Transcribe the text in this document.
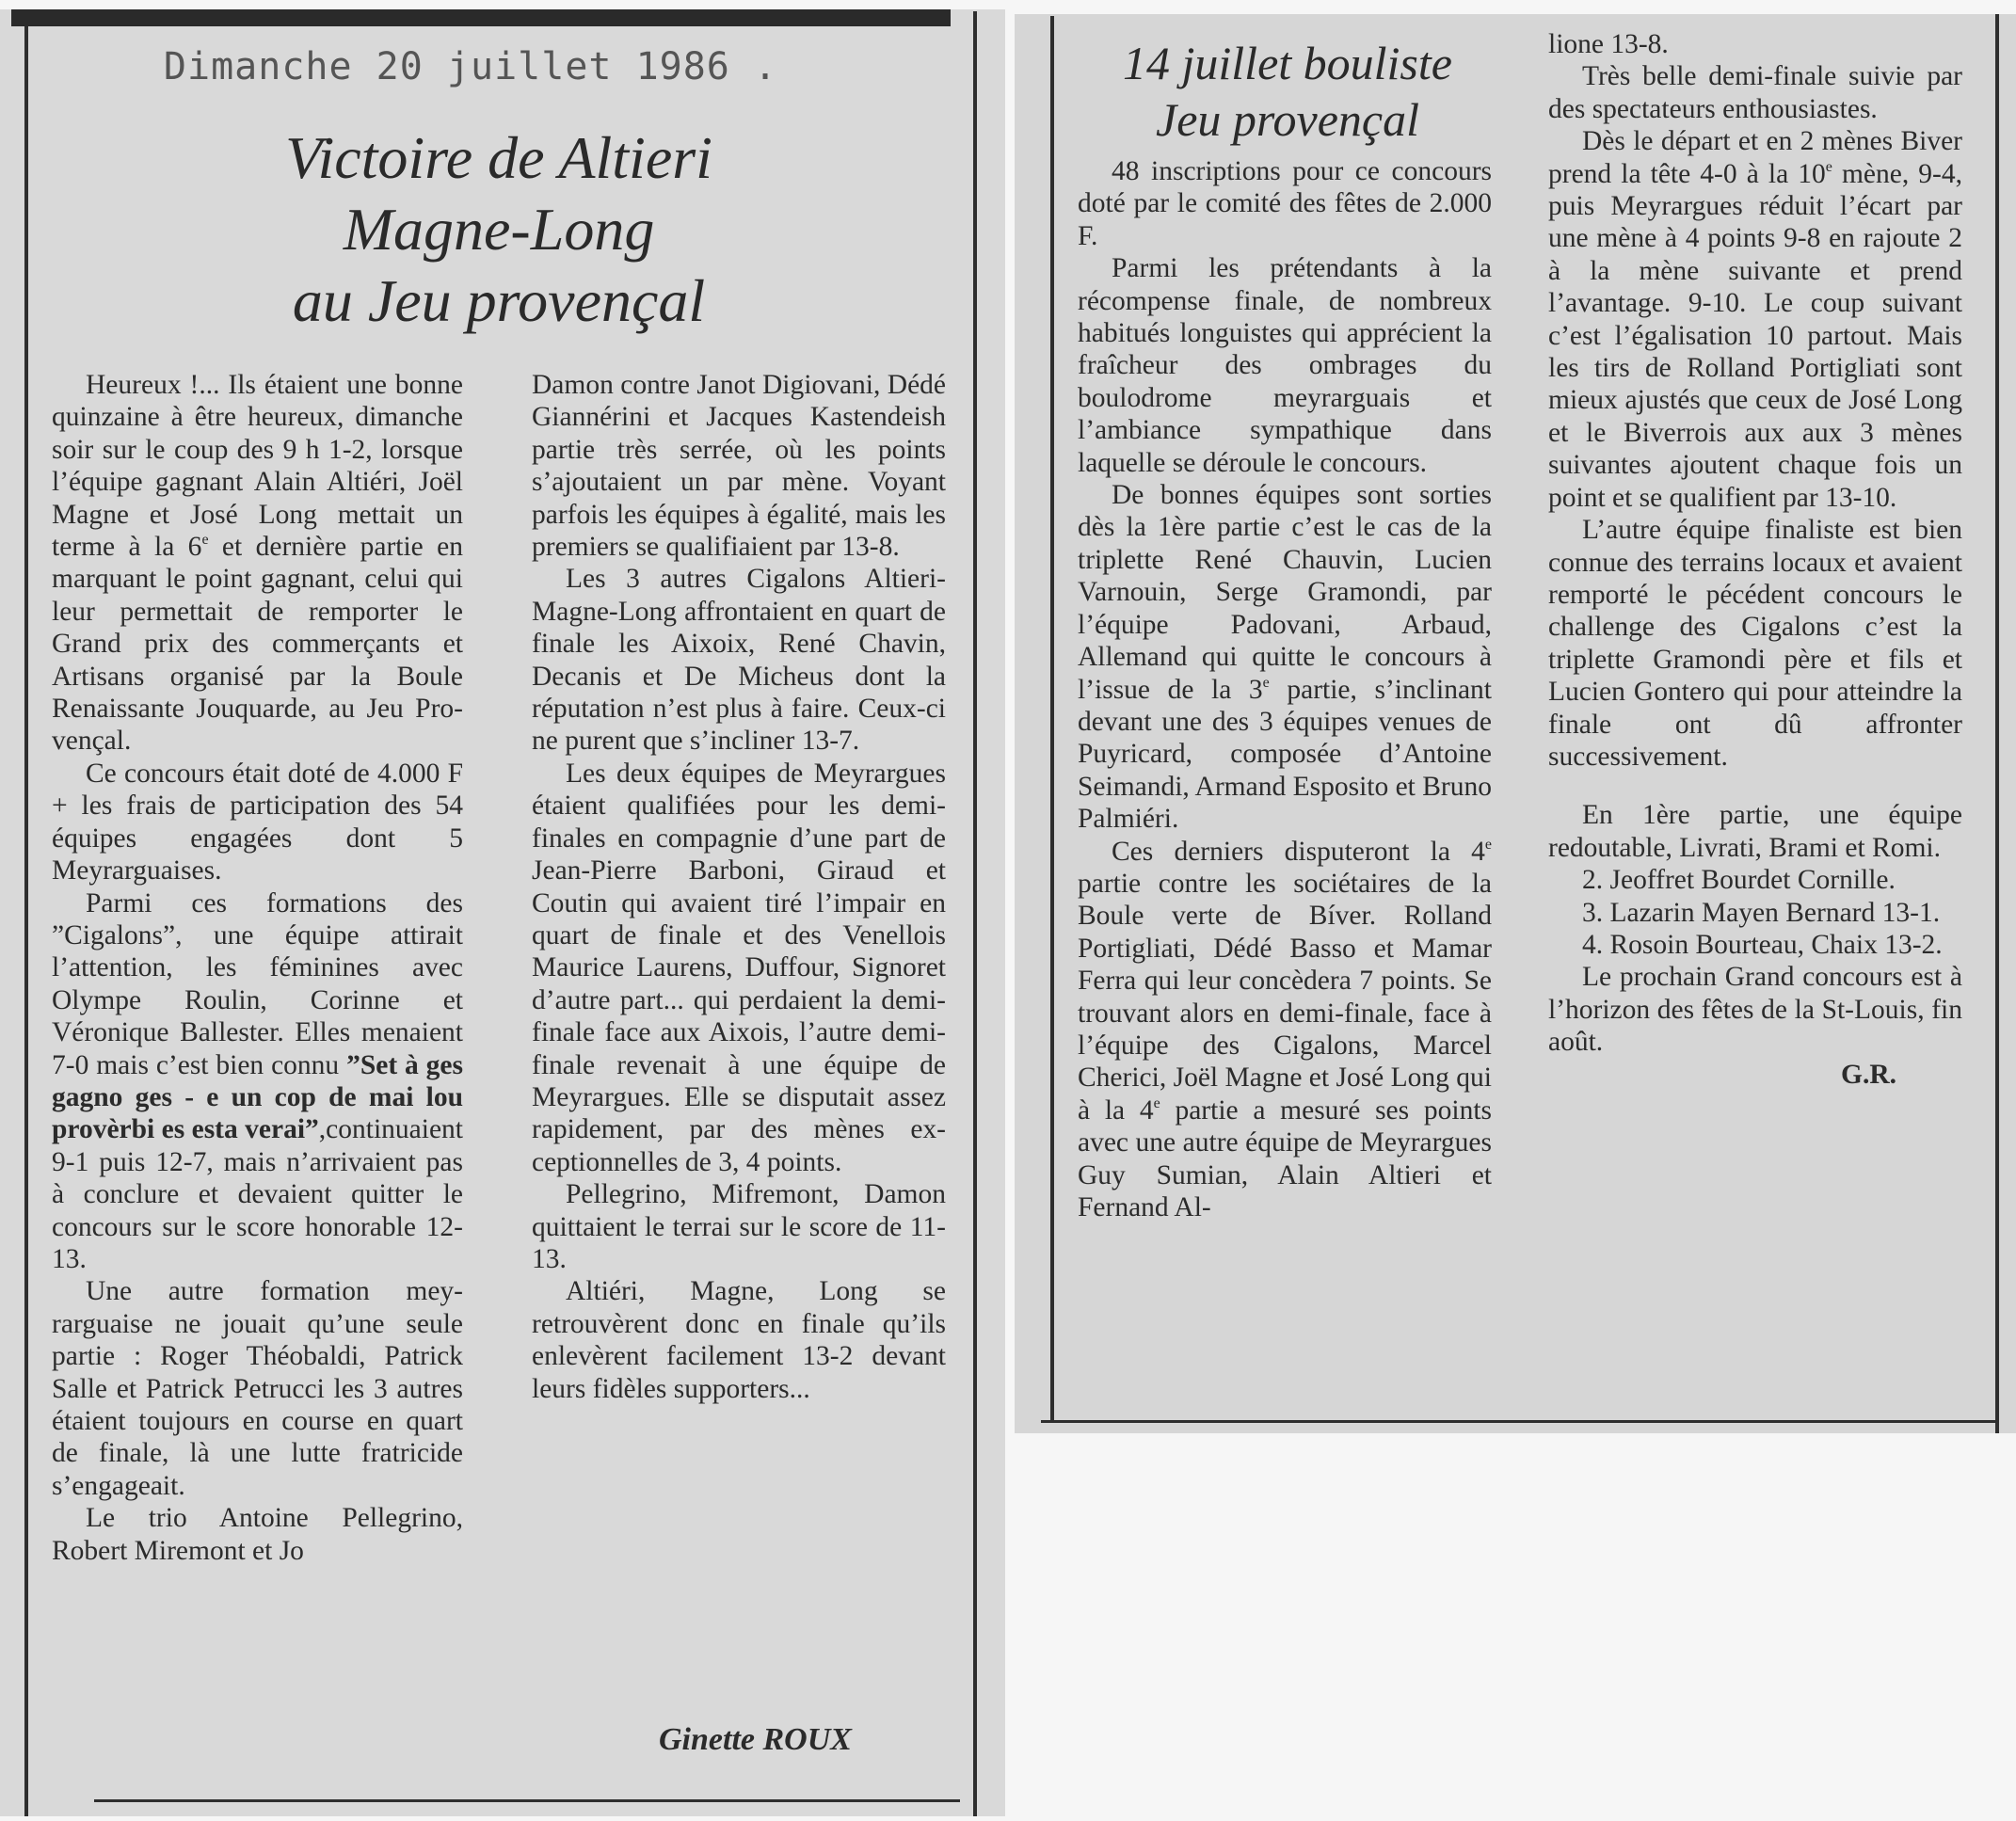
Dimanche 20 juillet 1986 .
Victoire de Altieri
Magne-Long
au Jeu provençal

Heureux !... Ils étaient une bonne quinzaine à être heureux, dimanche soir sur le coup des 9 h 1-2, lorsque l’équipe gagnant Alain Altiéri, Joël Magne et José Long mettait un terme à la 6e et dernière partie en marquant le point gagnant, celui qui leur permettait de remporter le Grand prix des commerçants et Artisans organisé par la Boule Renaissante Jouquarde, au Jeu Provençal.

Ce concours était doté de 4.000 F + les frais de participation des 54 équipes engagées dont 5 Meyrarguaises.

Parmi ces formations des ”Cigalons”, une équipe attirait l’attention, les féminines avec Olympe Roulin, Corinne et Véronique Ballester. Elles menaient 7-0 mais c’est bien connu ”Set à ges gagno ges - e un cop de mai lou provèrbi es esta verai”,continuaient 9-1 puis 12-7, mais n’arrivaient pas à conclure et devaient quitter le concours sur le score honorable 12-13.

Une autre formation meyrarguaise ne jouait qu’une seule partie : Roger Théobaldi, Patrick Salle et Patrick Petrucci les 3 autres étaient toujours en course en quart de finale, là une lutte fratricide s’engageait.

Le trio Antoine Pellegrino, Robert Miremont et Jo

Damon contre Janot Digiovani, Dédé Giannérini et Jacques Kastendeish partie très serrée, où les points s’ajoutaient un par mène. Voyant parfois les équipes à égalité, mais les premiers se qualifiaient par 13-8.

Les 3 autres Cigalons Altieri-Magne-Long affrontaient en quart de finale les Aixoix, René Chavin, Decanis et De Micheus dont la réputation n’est plus à faire. Ceux-ci ne purent que s’incliner 13-7.

Les deux équipes de Meyrargues étaient qualifiées pour les demi-finales en compagnie d’une part de Jean-Pierre Barboni, Giraud et Coutin qui avaient tiré l’impair en quart de finale et des Venellois Maurice Laurens, Duffour, Signoret d’autre part... qui perdaient la demi-finale face aux Aixois, l’autre demi-finale revenait à une équipe de Meyrargues. Elle se disputait assez rapidement, par des mènes exceptionnelles de 3, 4 points.

Pellegrino, Mifremont, Damon quittaient le terrai sur le score de 11-13.

Altiéri, Magne, Long se retrouvèrent donc en finale qu’ils enlevèrent facilement 13-2 devant leurs fidèles supporters...

Ginette ROUX
14 juillet bouliste
Jeu provençal

48 inscriptions pour ce concours doté par le comité des fêtes de 2.000 F.

Parmi les prétendants à la récompense finale, de nombreux habitués longuistes qui apprécient la fraîcheur des ombrages du boulodrome meyrarguais et l’ambiance sympathique dans laquelle se déroule le concours.

De bonnes équipes sont sorties dès la 1ère partie c’est le cas de la triplette René Chauvin, Lucien Varnouin, Serge Gramondi, par l’équipe Padovani, Arbaud, Allemand qui quitte le concours à l’issue de la 3e partie, s’inclinant devant une des 3 équipes venues de Puyricard, composée d’Antoine Seimandi, Armand Esposito et Bruno Palmiéri.

Ces derniers disputeront la 4e partie contre les sociétaires de la Boule verte de Bíver. Rolland Portigliati, Dédé Basso et Mamar Ferra qui leur concèdera 7 points. Se trouvant alors en demi-finale, face à l’équipe des Cigalons, Marcel Cherici, Joël Magne et José Long qui à la 4e partie a mesuré ses points avec une autre équipe de Meyrargues Guy Sumian, Alain Altieri et Fernand Al-

lione 13-8.

Très belle demi-finale suivie par des spectateurs enthousiastes.

Dès le départ et en 2 mènes Biver prend la tête 4-0 à la 10e mène, 9-4, puis Meyrargues réduit l’écart par une mène à 4 points 9-8 en rajoute 2 à la mène suivante et prend l’avantage. 9-10. Le coup suivant c’est l’égalisation 10 partout. Mais les tirs de Rolland Portigliati sont mieux ajustés que ceux de José Long et le Biverrois aux aux 3 mènes suivantes ajoutent chaque fois un point et se qualifient par 13-10.

L’autre équipe finaliste est bien connue des terrains locaux et avaient remporté le pécédent concours le challenge des Cigalons c’est la triplette Gramondi père et fils et Lucien Gontero qui pour atteindre la finale ont dû affronter successivement.

En 1ère partie, une équipe redoutable, Livrati, Brami et Romi.

2. Jeoffret Bourdet Cornille.

3. Lazarin Mayen Bernard 13-1.

4. Rosoin Bourteau, Chaix 13-2.

Le prochain Grand concours est à l’horizon des fêtes de la St-Louis, fin août.

G.R.
